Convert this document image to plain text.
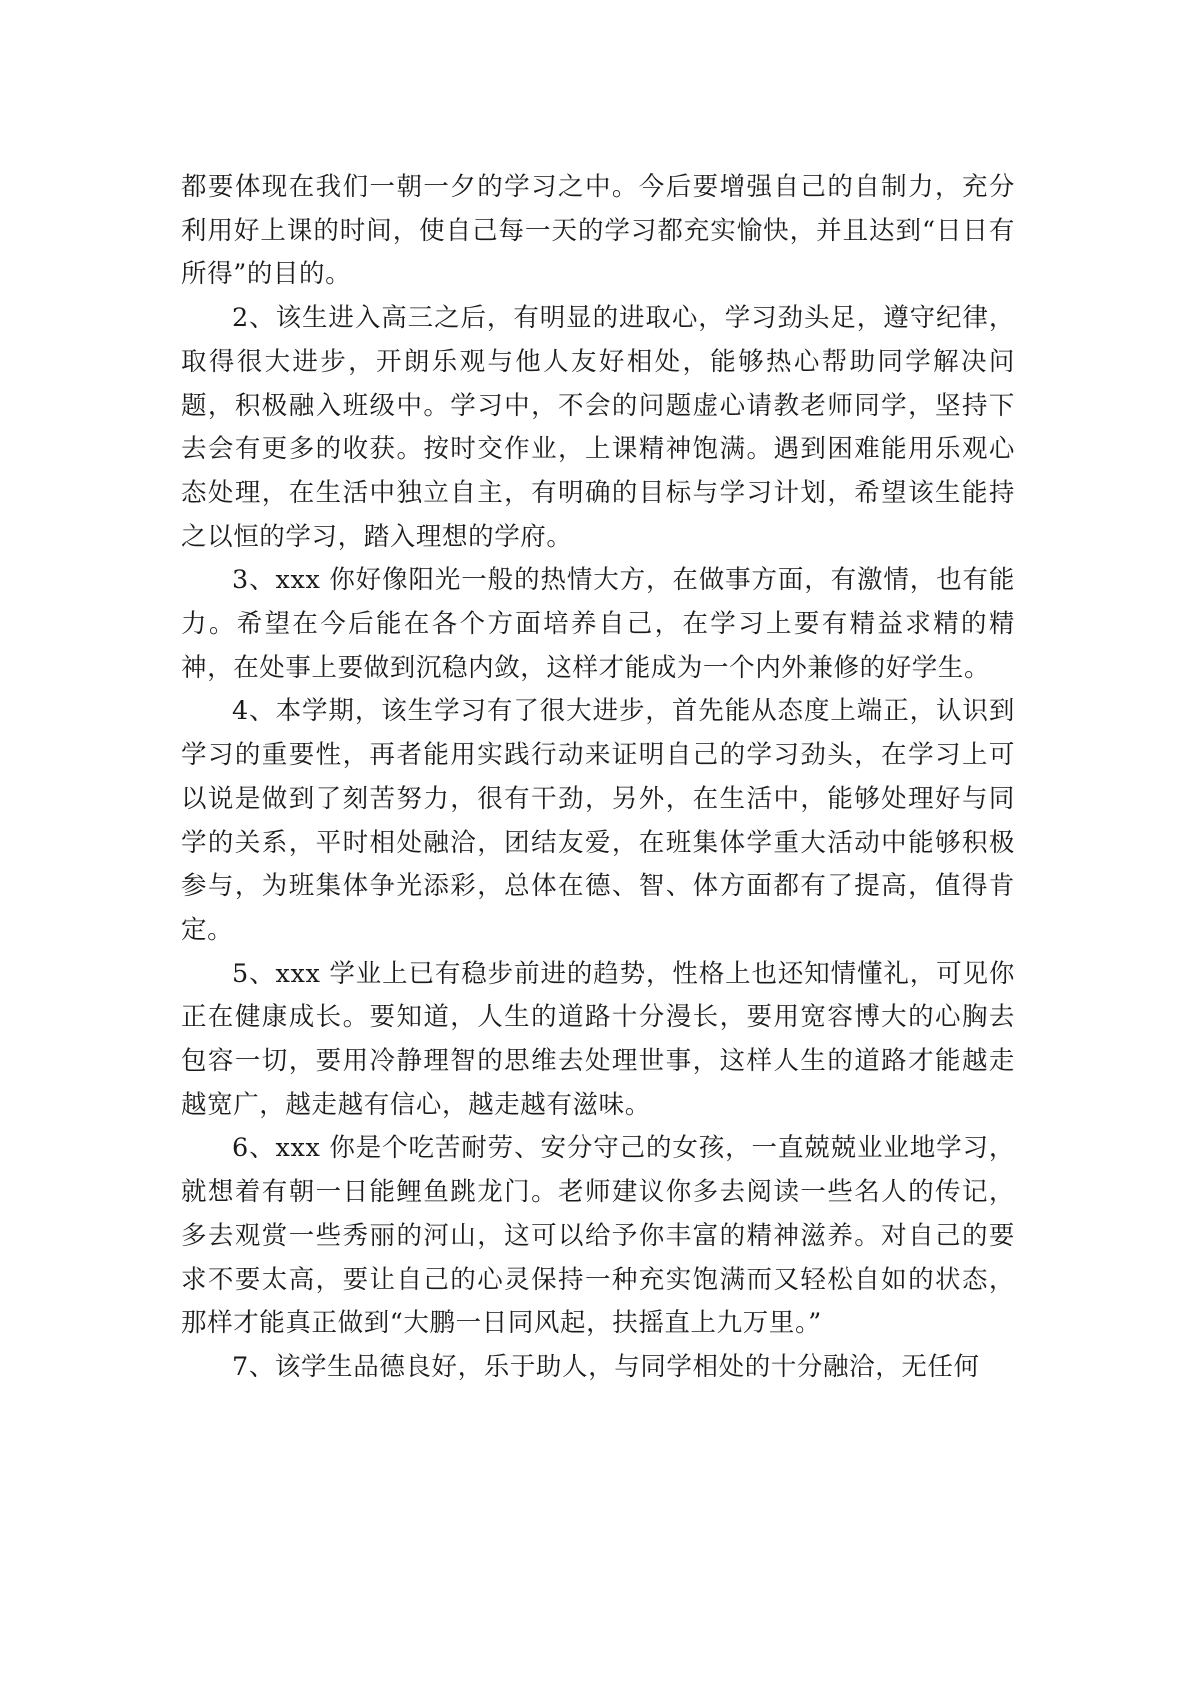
都要体现在我们一朝一夕的学习之中。今后要增强自己的自制力，充分利用好上课的时间，使自己每一天的学习都充实愉快，并且达到“日日有所得”的目的。

2、该生进入高三之后，有明显的进取心，学习劲头足，遵守纪律，取得很大进步，开朗乐观与他人友好相处，能够热心帮助同学解决问题，积极融入班级中。学习中，不会的问题虚心请教老师同学，坚持下去会有更多的收获。按时交作业，上课精神饱满。遇到困难能用乐观心态处理，在生活中独立自主，有明确的目标与学习计划，希望该生能持之以恒的学习，踏入理想的学府。

3、xxx 你好像阳光一般的热情大方，在做事方面，有激情，也有能力。希望在今后能在各个方面培养自己，在学习上要有精益求精的精神，在处事上要做到沉稳内敛，这样才能成为一个内外兼修的好学生。

4、本学期，该生学习有了很大进步，首先能从态度上端正，认识到学习的重要性，再者能用实践行动来证明自己的学习劲头，在学习上可以说是做到了刻苦努力，很有干劲，另外，在生活中，能够处理好与同学的关系，平时相处融洽，团结友爱，在班集体学重大活动中能够积极参与，为班集体争光添彩，总体在德、智、体方面都有了提高，值得肯定。

5、xxx 学业上已有稳步前进的趋势，性格上也还知情懂礼，可见你正在健康成长。要知道，人生的道路十分漫长，要用宽容博大的心胸去包容一切，要用冷静理智的思维去处理世事，这样人生的道路才能越走越宽广，越走越有信心，越走越有滋味。

6、xxx 你是个吃苦耐劳、安分守己的女孩，一直兢兢业业地学习，就想着有朝一日能鲤鱼跳龙门。老师建议你多去阅读一些名人的传记，多去观赏一些秀丽的河山，这可以给予你丰富的精神滋养。对自己的要求不要太高，要让自己的心灵保持一种充实饱满而又轻松自如的状态，那样才能真正做到“大鹏一日同风起，扶摇直上九万里。”

7、该学生品德良好，乐于助人，与同学相处的十分融洽，无任何
